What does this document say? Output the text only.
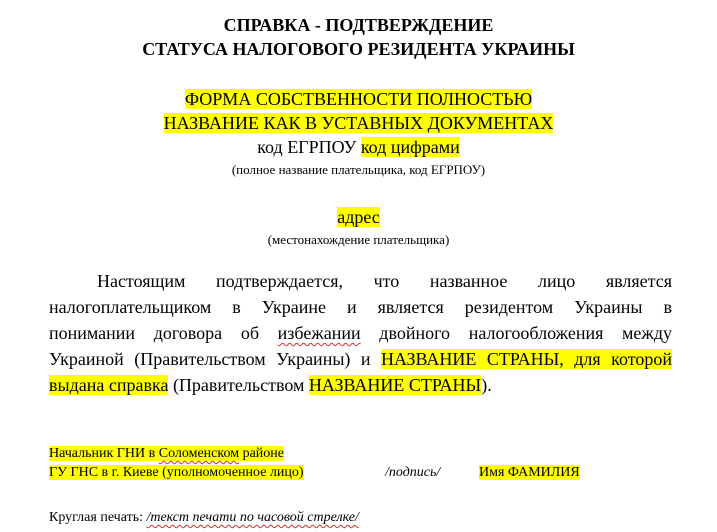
СПРАВКА - ПОДТВЕРЖДЕНИЕ
СТАТУСА НАЛОГОВОГО РЕЗИДЕНТА УКРАИНЫ
ФОРМА СОБСТВЕННОСТИ ПОЛНОСТЬЮ
НАЗВАНИЕ КАК В УСТАВНЫХ ДОКУМЕНТАХ
код ЕГРПОУ код цифрами
(полное название плательщика, код ЕГРПОУ)
адрес
(местонахождение плательщика)
Настоящим подтверждается, что названное лицо является
налогоплательщиком в Украине и является резидентом Украины в
понимании договора об избежании двойного налогообложения между
Украиной (Правительством Украины) и НАЗВАНИЕ СТРАНЫ, для которой
выдана справка (Правительством НАЗВАНИЕ СТРАНЫ).
Начальник ГНИ в Соломенском районе
ГУ ГНС в г. Киеве (уполномоченное лицо)	/подпись/	Имя ФАМИЛИЯ
Круглая печать: /текст печати по часовой стрелке/
